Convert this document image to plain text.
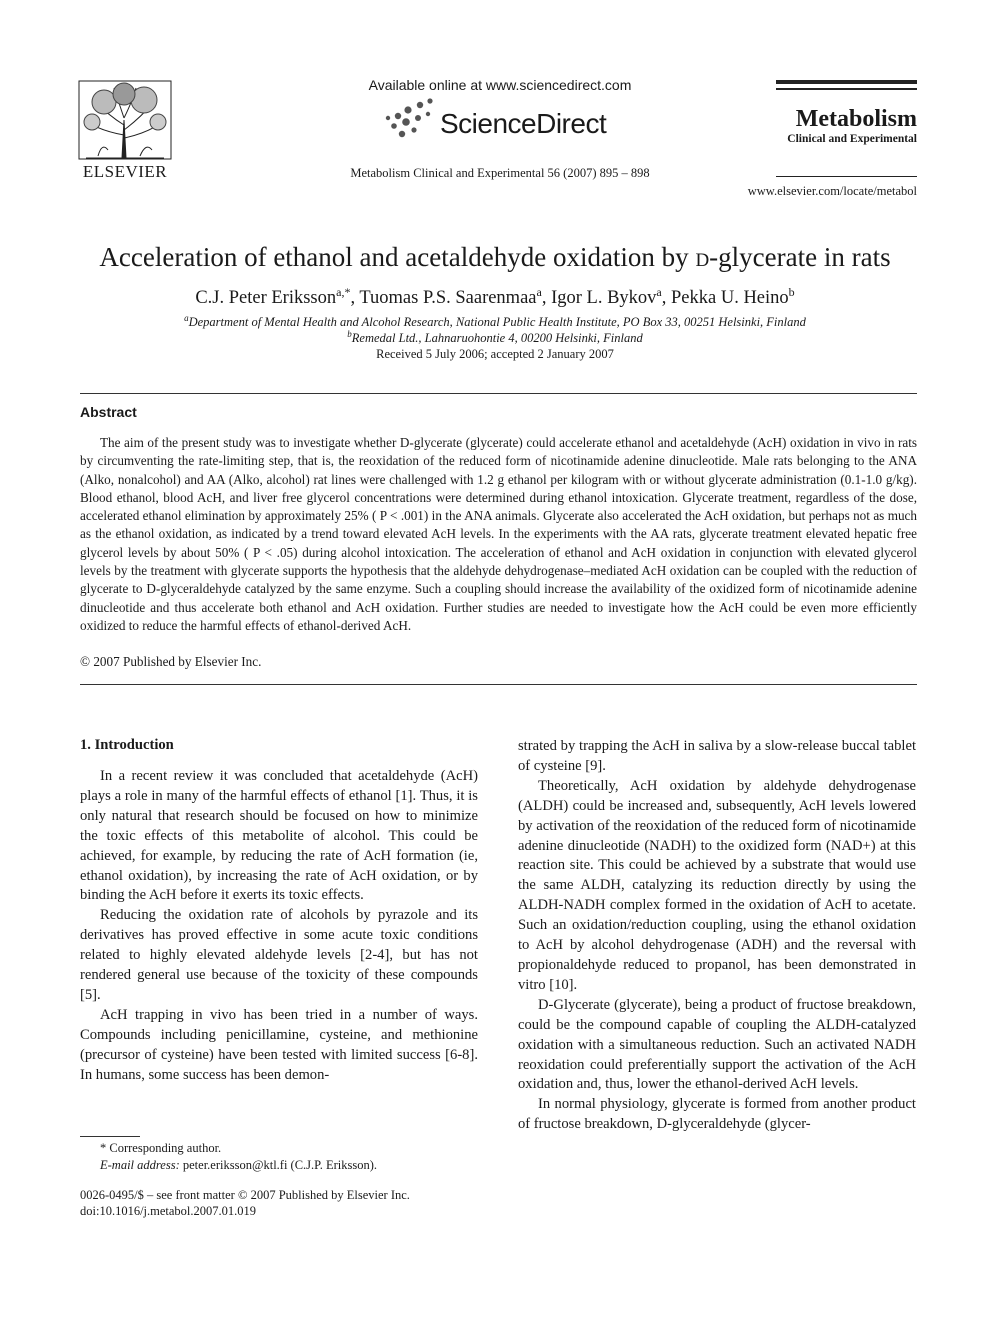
ELSEVIER
Available online at www.sciencedirect.com
ScienceDirect
Metabolism Clinical and Experimental 56 (2007) 895 – 898
Metabolism
Clinical and Experimental
www.elsevier.com/locate/metabol
Acceleration of ethanol and acetaldehyde oxidation by d-glycerate in rats
C.J. Peter Eriksson$^{a,*}$, Tuomas P.S. Saarenmaa$^a$, Igor L. Bykov$^a$, Pekka U. Heino$^b$
$^a$Department of Mental Health and Alcohol Research, National Public Health Institute, PO Box 33, 00251 Helsinki, Finland
$^b$Remedal Ltd., Lahnaruohontie 4, 00200 Helsinki, Finland
Received 5 July 2006; accepted 2 January 2007
Abstract
The aim of the present study was to investigate whether D-glycerate (glycerate) could accelerate ethanol and acetaldehyde (AcH) oxidation in vivo in rats by circumventing the rate-limiting step, that is, the reoxidation of the reduced form of nicotinamide adenine dinucleotide. Male rats belonging to the ANA (Alko, nonalcohol) and AA (Alko, alcohol) rat lines were challenged with 1.2 g ethanol per kilogram with or without glycerate administration (0.1-1.0 g/kg). Blood ethanol, blood AcH, and liver free glycerol concentrations were determined during ethanol intoxication. Glycerate treatment, regardless of the dose, accelerated ethanol elimination by approximately 25% ( P < .001) in the ANA animals. Glycerate also accelerated the AcH oxidation, but perhaps not as much as the ethanol oxidation, as indicated by a trend toward elevated AcH levels. In the experiments with the AA rats, glycerate treatment elevated hepatic free glycerol levels by about 50% ( P < .05) during alcohol intoxication. The acceleration of ethanol and AcH oxidation in conjunction with elevated glycerol levels by the treatment with glycerate supports the hypothesis that the aldehyde dehydrogenase–mediated AcH oxidation can be coupled with the reduction of glycerate to D-glyceraldehyde catalyzed by the same enzyme. Such a coupling should increase the availability of the oxidized form of nicotinamide adenine dinucleotide and thus accelerate both ethanol and AcH oxidation. Further studies are needed to investigate how the AcH could be even more efficiently oxidized to reduce the harmful effects of ethanol-derived AcH.
© 2007 Published by Elsevier Inc.
1. Introduction

In a recent review it was concluded that acetaldehyde (AcH) plays a role in many of the harmful effects of ethanol [1]. Thus, it is only natural that research should be focused on how to minimize the toxic effects of this metabolite of alcohol. This could be achieved, for example, by reducing the rate of AcH formation (ie, ethanol oxidation), by increasing the rate of AcH oxidation, or by binding the AcH before it exerts its toxic effects.

Reducing the oxidation rate of alcohols by pyrazole and its derivatives has proved effective in some acute toxic conditions related to highly elevated aldehyde levels [2-4], but has not rendered general use because of the toxicity of these compounds [5].

AcH trapping in vivo has been tried in a number of ways. Compounds including penicillamine, cysteine, and methionine (precursor of cysteine) have been tested with limited success [6-8]. In humans, some success has been demon-

strated by trapping the AcH in saliva by a slow-release buccal tablet of cysteine [9].

Theoretically, AcH oxidation by aldehyde dehydrogenase (ALDH) could be increased and, subsequently, AcH levels lowered by activation of the reoxidation of the reduced form of nicotinamide adenine dinucleotide (NADH) to the oxidized form (NAD+) at this reaction site. This could be achieved by a substrate that would use the same ALDH, catalyzing its reduction directly by using the ALDH-NADH complex formed in the oxidation of AcH to acetate. Such an oxidation/reduction coupling, using the ethanol oxidation to AcH by alcohol dehydrogenase (ADH) and the reversal with propionaldehyde reduced to propanol, has been demonstrated in vitro [10].

D-Glycerate (glycerate), being a product of fructose breakdown, could be the compound capable of coupling the ALDH-catalyzed oxidation with a simultaneous reduction. Such an activated NADH reoxidation could preferentially support the activation of the AcH oxidation and, thus, lower the ethanol-derived AcH levels.

In normal physiology, glycerate is formed from another product of fructose breakdown, D-glyceraldehyde (glycer-

* Corresponding author.
E-mail address: peter.eriksson@ktl.fi (C.J.P. Eriksson).
0026-0495/$ – see front matter © 2007 Published by Elsevier Inc.
doi:10.1016/j.metabol.2007.01.019
